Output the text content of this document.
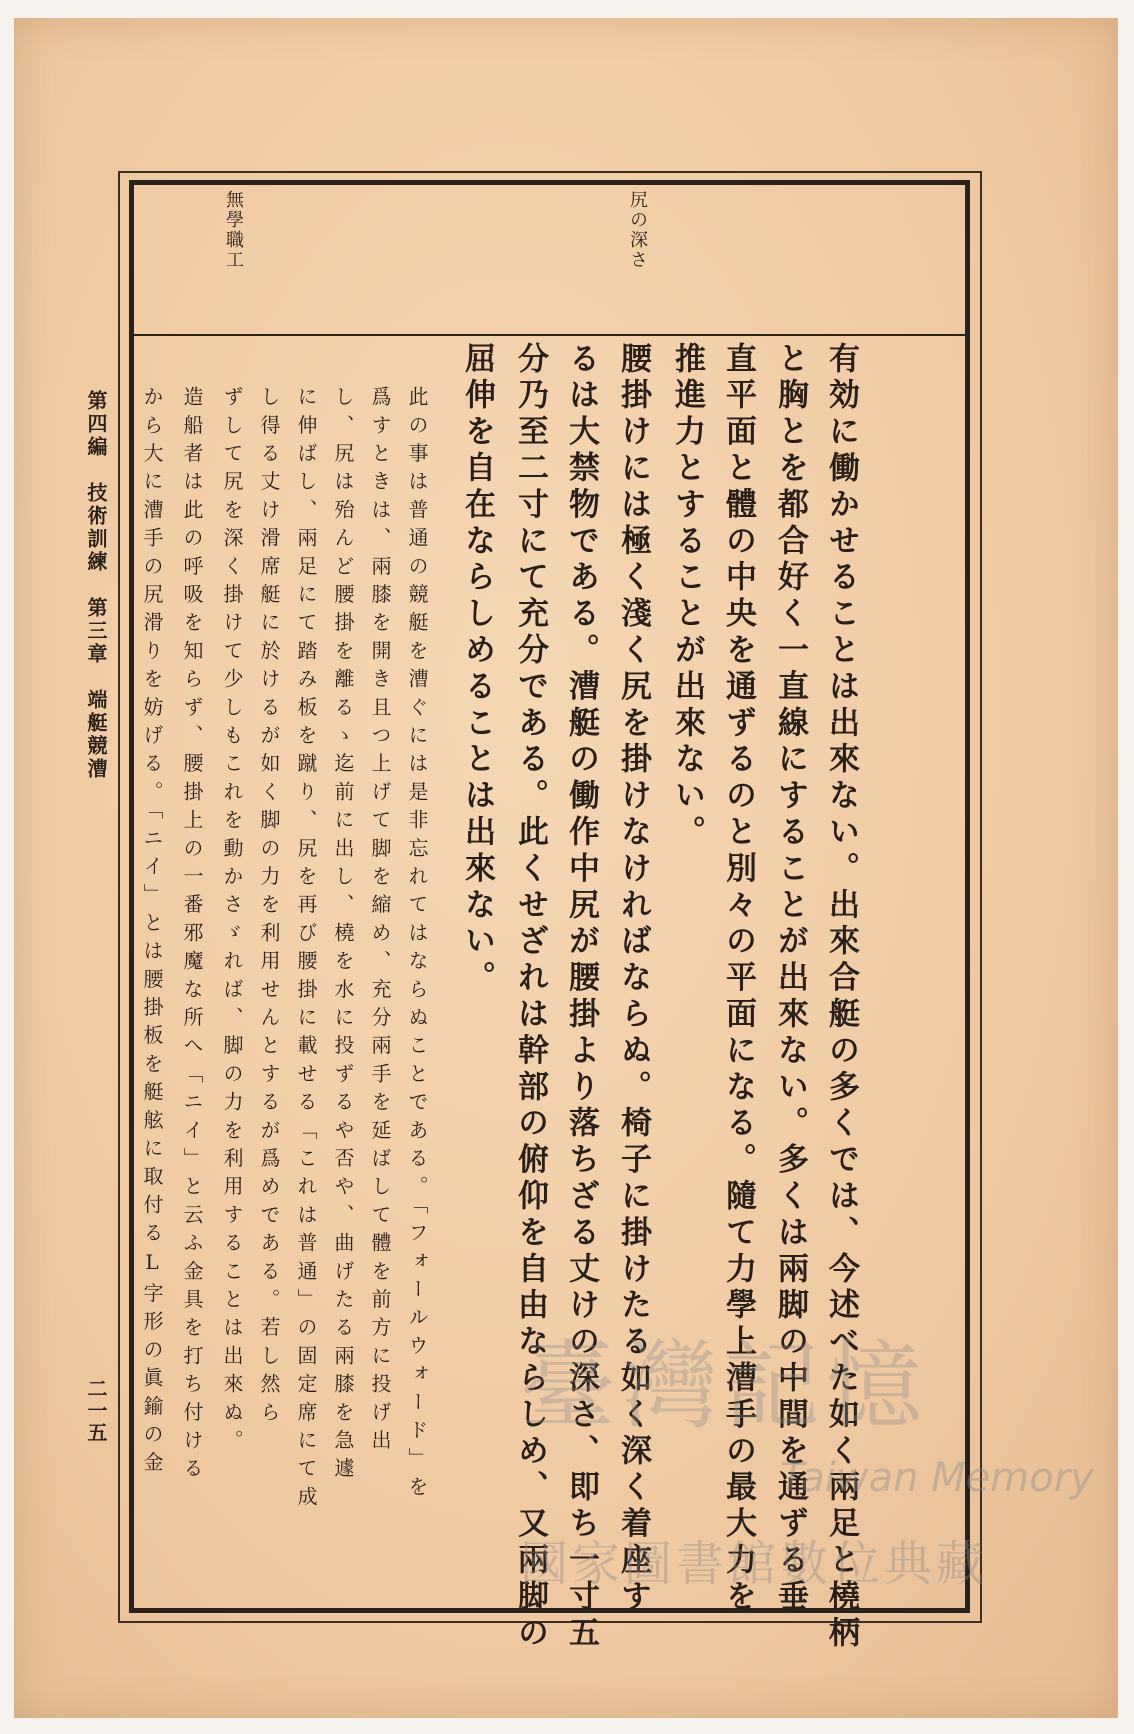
尻の深さ
無學職工
有効に働かせることは出來ない。出來合艇の多くでは、今述べた如く兩足と橈柄
と胸とを都合好く一直線にすることが出來ない。多くは兩脚の中間を通ずる垂
直平面と體の中央を通ずるのと別々の平面になる。隨て力學上漕手の最大力を
推進力とすることが出來ない。
腰掛けには極く淺く尻を掛けなければならぬ。椅子に掛けたる如く深く着座す
るは大禁物である。漕艇の働作中尻が腰掛より落ちざる丈けの深さ、即ち一寸五
分乃至二寸にて充分である。此くせざれは幹部の俯仰を自由ならしめ、又兩脚の
屈伸を自在ならしめることは出來ない。
此の事は普通の競艇を漕ぐには是非忘れてはならぬことである。「フォールウォード」を
爲すときは、兩膝を開き且つ上げて脚を縮め、充分兩手を延ばして體を前方に投げ出
し、尻は殆んど腰掛を離るゝ迄前に出し、橈を水に投ずるや否や、曲げたる兩膝を急遽
に伸ばし、兩足にて踏み板を蹴り、尻を再び腰掛に載せる「これは普通」の固定席にて成
し得る丈け滑席艇に於けるが如く脚の力を利用せんとするが爲めである。若し然ら
ずして尻を深く掛けて少しもこれを動かさゞれば、脚の力を利用することは出來ぬ。
造船者は此の呼吸を知らず、腰掛上の一番邪魔な所へ「ニイ」と云ふ金具を打ち付ける
から大に漕手の尻滑りを妨げる。「ニイ」とは腰掛板を艇舷に取付るL字形の眞鍮の金
第四編　技術訓練　第三章　端艇競漕
二一五	臺灣記憶
Taiwan Memory
國家圖書館數位典藏
